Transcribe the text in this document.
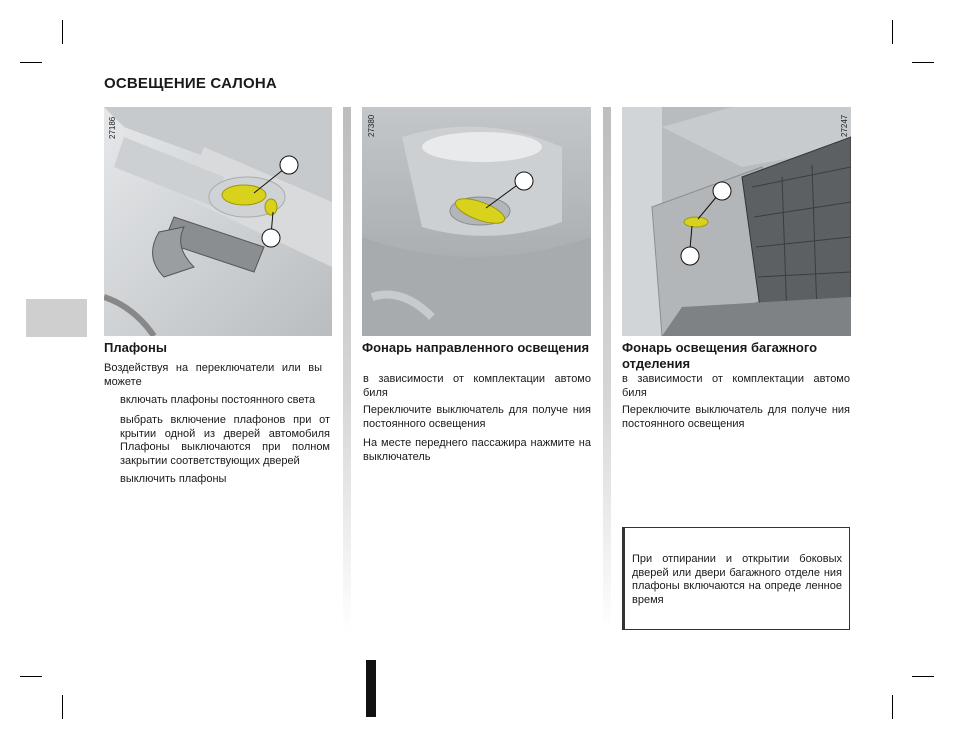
ОСВЕЩЕНИЕ САЛОНА
27186	27380	27247
Плафоны

Воздействуя на переключатели или вы можете

включать плафоны постоянного света

выбрать включение плафонов при от крытии одной из дверей автомобиля Плафоны выключаются при полном закрытии соответствующих дверей

выключить плафоны

Фонарь направленного освещения

в зависимости от комплектации автомо биля

Переключите выключатель для получе ния постоянного освещения

На месте переднего пассажира нажмите на выключатель

Фонарь освещения багажного отделения

в зависимости от комплектации автомо биля

Переключите выключатель для получе ния постоянного освещения

При отпирании и открытии боковых дверей или двери багажного отделе ния плафоны включаются на опреде ленное время
